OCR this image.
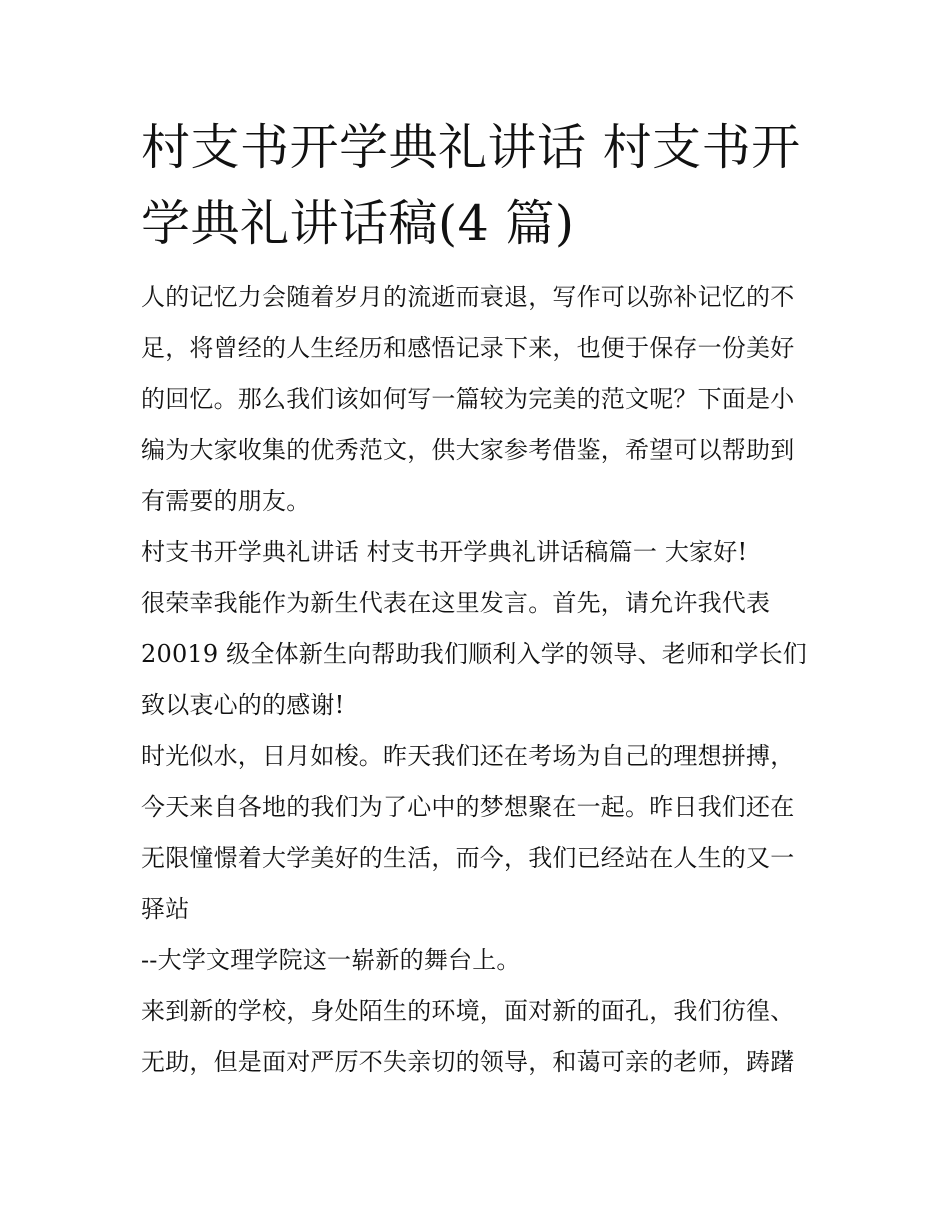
村支书开学典礼讲话 村支书开学典礼讲话稿(4 篇)

人的记忆力会随着岁月的流逝而衰退，写作可以弥补记忆的不足，将曾经的人生经历和感悟记录下来，也便于保存一份美好的回忆。那么我们该如何写一篇较为完美的范文呢？下面是小编为大家收集的优秀范文，供大家参考借鉴，希望可以帮助到有需要的朋友。

村支书开学典礼讲话 村支书开学典礼讲话稿篇一 大家好!

很荣幸我能作为新生代表在这里发言。首先，请允许我代表 20019 级全体新生向帮助我们顺利入学的领导、老师和学长们致以衷心的的感谢!

时光似水，日月如梭。昨天我们还在考场为自己的理想拼搏，今天来自各地的我们为了心中的梦想聚在一起。昨日我们还在无限憧憬着大学美好的生活，而今，我们已经站在人生的又一驿站

--大学文理学院这一崭新的舞台上。

来到新的学校，身处陌生的环境，面对新的面孔，我们彷徨、无助，但是面对严厉不失亲切的领导，和蔼可亲的老师，踌躇
